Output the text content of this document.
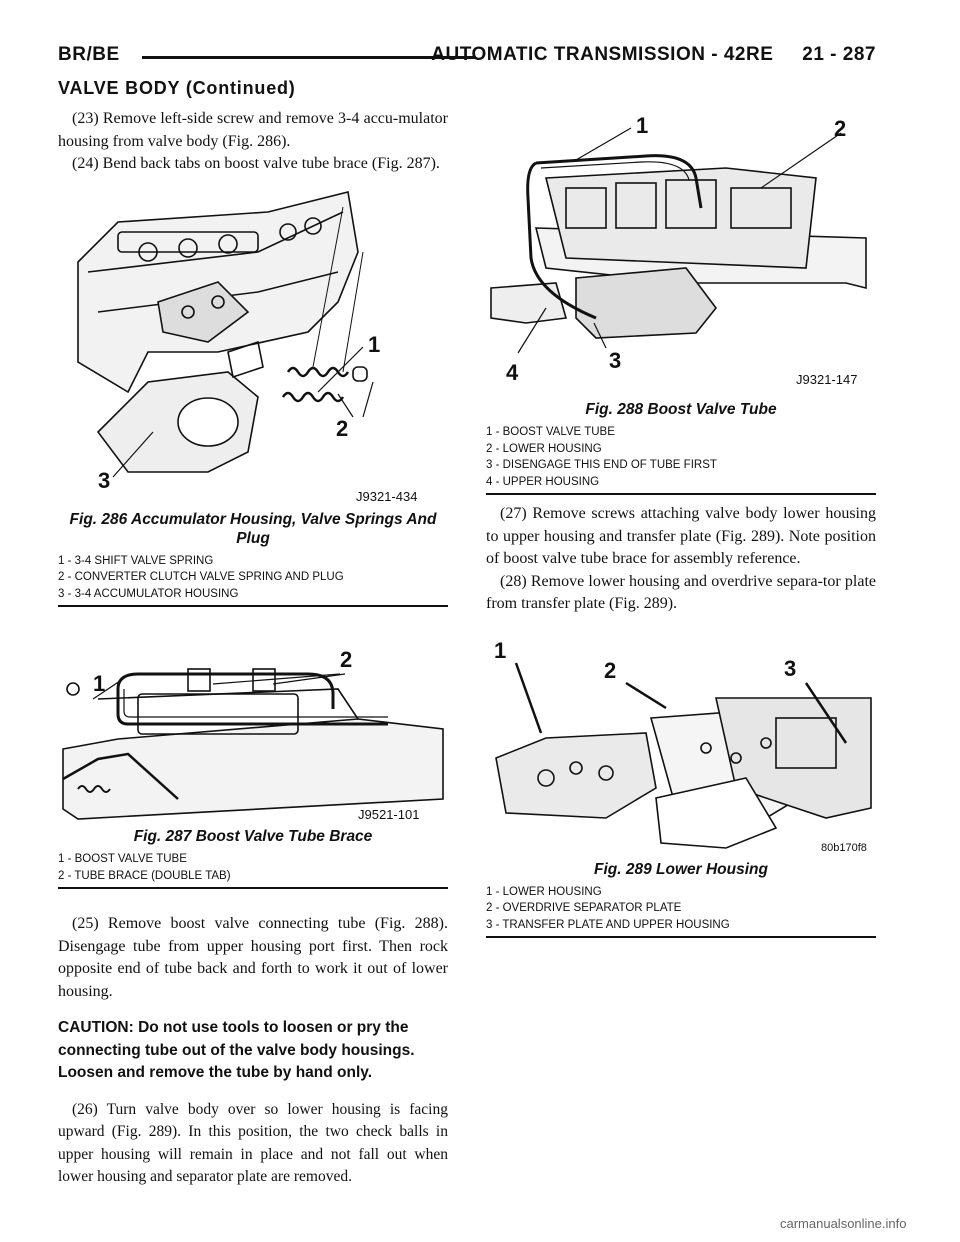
BR/BE	AUTOMATIC TRANSMISSION - 42RE     21 - 287
VALVE BODY (Continued)

(23) Remove left-side screw and remove 3-4 accu-mulator housing from valve body (Fig. 286).

(24) Bend back tabs on boost valve tube brace (Fig. 287).

1
2
3
J9321-434

Fig. 286 Accumulator Housing, Valve Springs And Plug

1 - 3-4 SHIFT VALVE SPRING
2 - CONVERTER CLUTCH VALVE SPRING AND PLUG
3 - 3-4 ACCUMULATOR HOUSING
1
2
J9521-101

Fig. 287 Boost Valve Tube Brace

1 - BOOST VALVE TUBE
2 - TUBE BRACE (DOUBLE TAB)

(25) Remove boost valve connecting tube (Fig. 288). Disengage tube from upper housing port first. Then rock opposite end of tube back and forth to work it out of lower housing.

CAUTION: Do not use tools to loosen or pry the connecting tube out of the valve body housings. Loosen and remove the tube by hand only.

(26) Turn valve body over so lower housing is facing upward (Fig. 289). In this position, the two check balls in upper housing will remain in place and not fall out when lower housing and separator plate are removed.

1	2
3
4	J9321-147

Fig. 288 Boost Valve Tube

1 - BOOST VALVE TUBE
2 - LOWER HOUSING
3 - DISENGAGE THIS END OF TUBE FIRST
4 - UPPER HOUSING

(27) Remove screws attaching valve body lower housing to upper housing and transfer plate (Fig. 289). Note position of boost valve tube brace for assembly reference.

(28) Remove lower housing and overdrive separa-tor plate from transfer plate (Fig. 289).

1
2	3
80b170f8

Fig. 289 Lower Housing

1 - LOWER HOUSING
2 - OVERDRIVE SEPARATOR PLATE
3 - TRANSFER PLATE AND UPPER HOUSING
carmanualsonline.info
